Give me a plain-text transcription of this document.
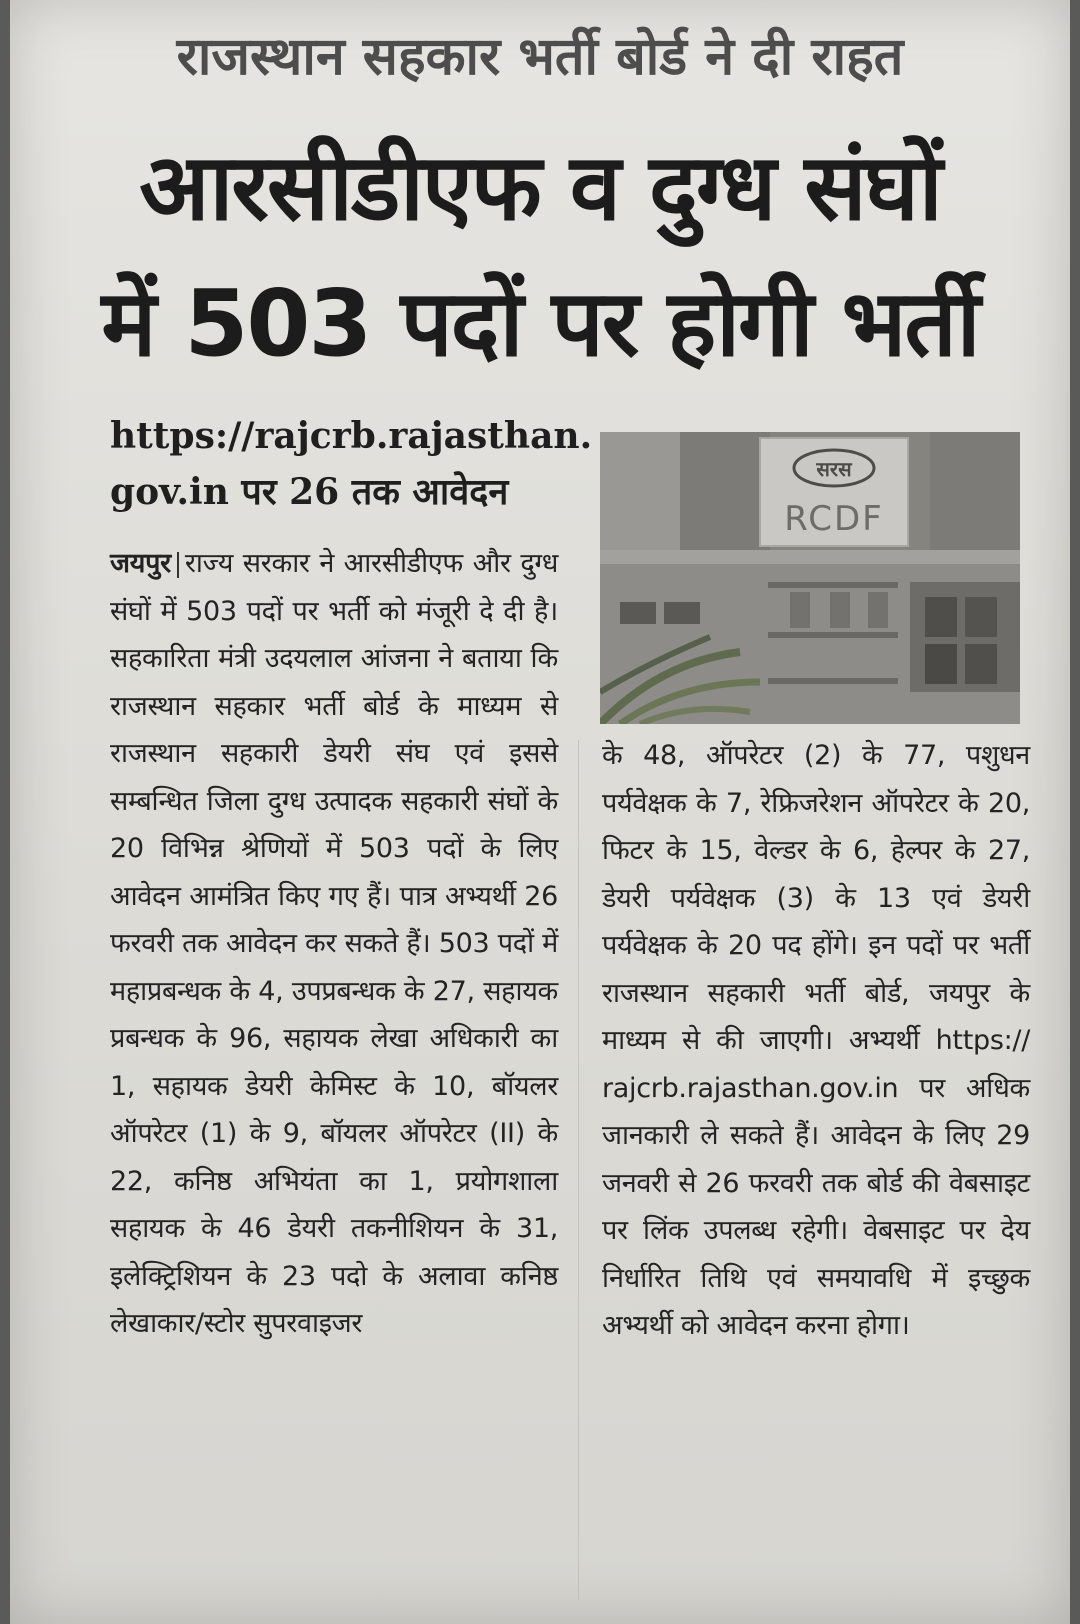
राजस्थान सहकार भर्ती बोर्ड ने दी राहत
आरसीडीएफ व दुग्ध संघों
में 503 पदों पर होगी भर्ती
https://rajcrb.rajasthan.
gov.in पर 26 तक आवेदन
सरस
RCDF
जयपुर राज्य सरकार ने आरसीडीएफ और दुग्ध संघों में 503 पदों पर भर्ती को मंजूरी दे दी है। सहकारिता मंत्री उदयलाल आंजना ने बताया कि राजस्थान सहकार भर्ती बोर्ड के माध्यम से राजस्थान सहकारी डेयरी संघ एवं इससे सम्बन्धित जिला दुग्ध उत्पादक सहकारी संघों के 20 विभिन्न श्रेणियों में 503 पदों के लिए आवेदन आमंत्रित किए गए हैं। पात्र अभ्यर्थी 26 फरवरी तक आवेदन कर सकते हैं। 503 पदों में महाप्रबन्धक के 4, उपप्रबन्धक के 27, सहायक प्रबन्धक के 96, सहायक लेखा अधिकारी का 1, सहायक डेयरी केमिस्ट के 10, बॉयलर ऑपरेटर (1) के 9, बॉयलर ऑपरेटर (II) के 22, कनिष्ठ अभियंता का 1, प्रयोगशाला सहायक के 46 डेयरी तकनीशियन के 31, इलेक्ट्रिशियन के 23 पदो के अलावा कनिष्ठ लेखाकार/स्टोर सुपरवाइजर
के 48, ऑपरेटर (2) के 77, पशुधन पर्यवेक्षक के 7, रेफ्रिजरेशन ऑपरेटर के 20, फिटर के 15, वेल्डर के 6, हेल्पर के 27, डेयरी पर्यवेक्षक (3) के 13 एवं डेयरी पर्यवेक्षक के 20 पद होंगे। इन पदों पर भर्ती राजस्थान सहकारी भर्ती बोर्ड, जयपुर के माध्यम से की जाएगी। अभ्यर्थी https:// rajcrb.rajasthan.gov.in पर अधिक जानकारी ले सकते हैं। आवेदन के लिए 29 जनवरी से 26 फरवरी तक बोर्ड की वेबसाइट पर लिंक उपलब्ध रहेगी। वेबसाइट पर देय निर्धारित तिथि एवं समयावधि में इच्छुक अभ्यर्थी को आवेदन करना होगा।
